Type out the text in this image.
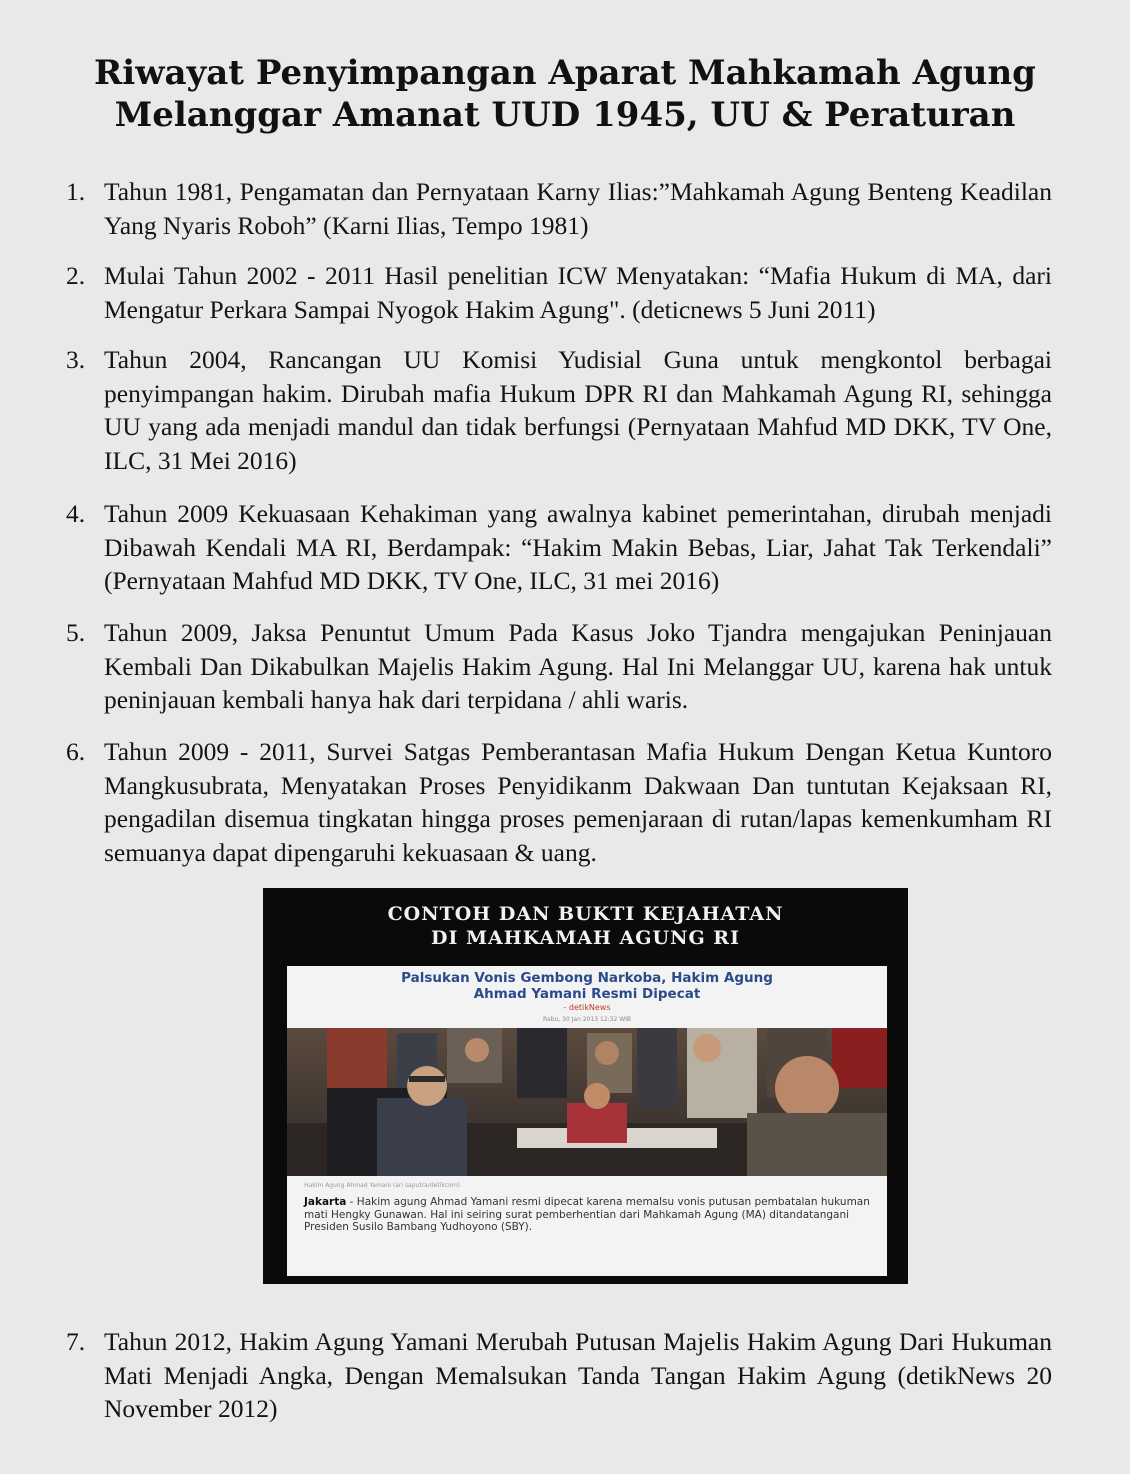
Riwayat Penyimpangan Aparat Mahkamah Agung
Melanggar Amanat UUD 1945, UU & Peraturan
1. Tahun 1981, Pengamatan dan Pernyataan Karny Ilias:”Mahkamah Agung Benteng Keadilan Yang Nyaris Roboh” (Karni Ilias, Tempo 1981)
2. Mulai Tahun 2002 - 2011 Hasil penelitian ICW Menyatakan: “Mafia Hukum di MA, dari Mengatur Perkara Sampai Nyogok Hakim Agung". (deticnews 5 Juni 2011)
3. Tahun 2004, Rancangan UU Komisi Yudisial Guna untuk mengkontol berbagai penyimpangan hakim. Dirubah mafia Hukum DPR RI dan Mahkamah Agung RI, sehingga UU yang ada menjadi mandul dan tidak berfungsi (Pernyataan Mahfud MD DKK, TV One, ILC, 31 Mei 2016)
4. Tahun 2009 Kekuasaan Kehakiman yang awalnya kabinet pemerintahan, dirubah menjadi Dibawah Kendali MA RI, Berdampak: “Hakim Makin Bebas, Liar, Jahat Tak Terkendali” (Pernyataan Mahfud MD DKK, TV One, ILC, 31 mei 2016)
5. Tahun 2009, Jaksa Penuntut Umum Pada Kasus Joko Tjandra mengajukan Peninjauan Kembali Dan Dikabulkan Majelis Hakim Agung. Hal Ini Melanggar UU, karena hak untuk peninjauan kembali hanya hak dari terpidana / ahli waris.
6. Tahun 2009 - 2011, Survei Satgas Pemberantasan Mafia Hukum Dengan Ketua Kuntoro Mangkusubrata, Menyatakan Proses Penyidikanm Dakwaan Dan tuntutan Kejaksaan RI, pengadilan disemua tingkatan hingga proses pemenjaraan di rutan/lapas kemenkumham RI semuanya dapat dipengaruhi kekuasaan & uang.
CONTOH DAN BUKTI KEJAHATAN
DI MAHKAMAH AGUNG RI
Palsukan Vonis Gembong Narkoba, Hakim Agung
Ahmad Yamani Resmi Dipecat
- detikNews
Rabu, 30 Jan 2013 12:32 WIB
Hakim Agung Ahmad Yamani (ari saputra/detikcom)
Jakarta - Hakim agung Ahmad Yamani resmi dipecat karena memalsu vonis putusan pembatalan hukuman mati Hengky Gunawan. Hal ini seiring surat pemberhentian dari Mahkamah Agung (MA) ditandatangani Presiden Susilo Bambang Yudhoyono (SBY).
7. Tahun 2012, Hakim Agung Yamani Merubah Putusan Majelis Hakim Agung Dari Hukuman Mati Menjadi Angka, Dengan Memalsukan Tanda Tangan Hakim Agung (detikNews 20 November 2012)
